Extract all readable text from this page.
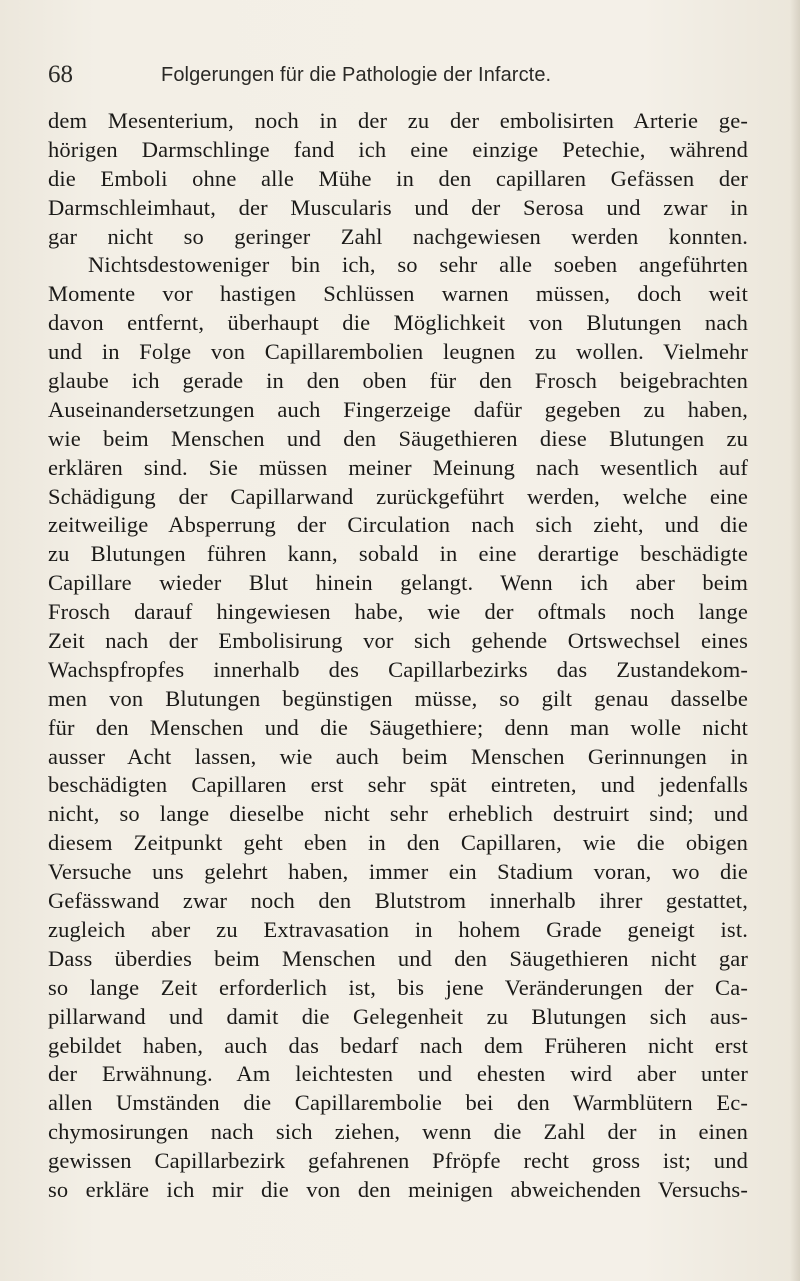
68	Folgerungen für die Pathologie der Infarcte.
dem Mesenterium, noch in der zu der embolisirten Arterie ge-
hörigen Darmschlinge fand ich eine einzige Petechie, während
die Emboli ohne alle Mühe in den capillaren Gefässen der
Darmschleimhaut, der Muscularis und der Serosa und zwar in
gar nicht so geringer Zahl nachgewiesen werden konnten.
Nichtsdestoweniger bin ich, so sehr alle soeben angeführten
Momente vor hastigen Schlüssen warnen müssen, doch weit
davon entfernt, überhaupt die Möglichkeit von Blutungen nach
und in Folge von Capillarembolien leugnen zu wollen. Vielmehr
glaube ich gerade in den oben für den Frosch beigebrachten
Auseinandersetzungen auch Fingerzeige dafür gegeben zu haben,
wie beim Menschen und den Säugethieren diese Blutungen zu
erklären sind. Sie müssen meiner Meinung nach wesentlich auf
Schädigung der Capillarwand zurückgeführt werden, welche eine
zeitweilige Absperrung der Circulation nach sich zieht, und die
zu Blutungen führen kann, sobald in eine derartige beschädigte
Capillare wieder Blut hinein gelangt. Wenn ich aber beim
Frosch darauf hingewiesen habe, wie der oftmals noch lange
Zeit nach der Embolisirung vor sich gehende Ortswechsel eines
Wachspfropfes innerhalb des Capillarbezirks das Zustandekom-
men von Blutungen begünstigen müsse, so gilt genau dasselbe
für den Menschen und die Säugethiere; denn man wolle nicht
ausser Acht lassen, wie auch beim Menschen Gerinnungen in
beschädigten Capillaren erst sehr spät eintreten, und jedenfalls
nicht, so lange dieselbe nicht sehr erheblich destruirt sind; und
diesem Zeitpunkt geht eben in den Capillaren, wie die obigen
Versuche uns gelehrt haben, immer ein Stadium voran, wo die
Gefässwand zwar noch den Blutstrom innerhalb ihrer gestattet,
zugleich aber zu Extravasation in hohem Grade geneigt ist.
Dass überdies beim Menschen und den Säugethieren nicht gar
so lange Zeit erforderlich ist, bis jene Veränderungen der Ca-
pillarwand und damit die Gelegenheit zu Blutungen sich aus-
gebildet haben, auch das bedarf nach dem Früheren nicht erst
der Erwähnung. Am leichtesten und ehesten wird aber unter
allen Umständen die Capillarembolie bei den Warmblütern Ec-
chymosirungen nach sich ziehen, wenn die Zahl der in einen
gewissen Capillarbezirk gefahrenen Pfröpfe recht gross ist; und
so erkläre ich mir die von den meinigen abweichenden Versuchs-
